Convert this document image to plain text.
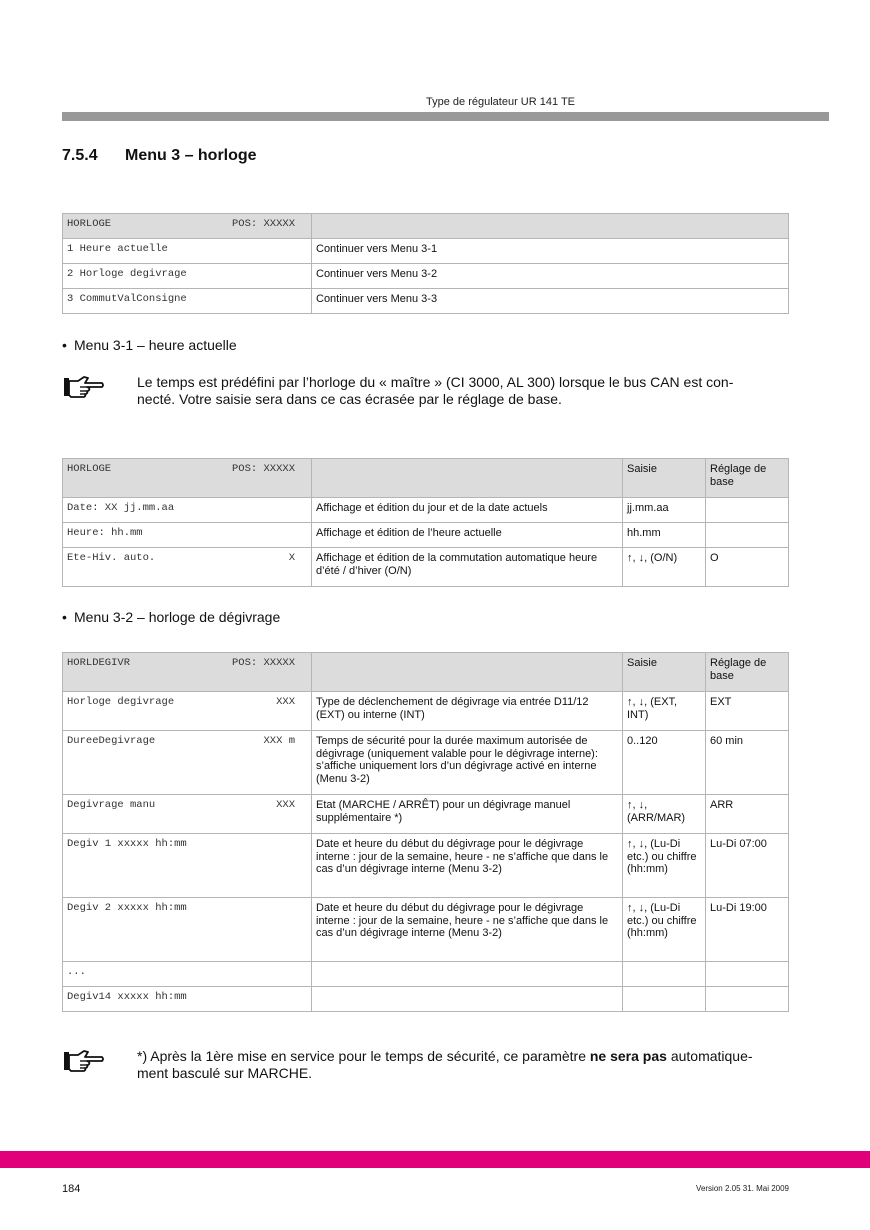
Type de régulateur UR 141 TE
7.5.4 Menu 3 – horloge
HORLOGE POS: XXXXX	

1 Heure actuelle	Continuer vers Menu 3-1
2 Horloge degivrage	Continuer vers Menu 3-2
3 CommutValConsigne	Continuer vers Menu 3-3
• Menu 3-1 – heure actuelle
Le temps est prédéfini par l’horloge du « maître » (CI 3000, AL 300) lorsque le bus CAN est con-
necté. Votre saisie sera dans ce cas écrasée par le réglage de base.
HORLOGE POS: XXXXX		Saisie	Réglage de base

Date: XX jj.mm.aa	Affichage et édition du jour et de la date actuels	jj.mm.aa	

Heure: hh.mm	Affichage et édition de l’heure actuelle	hh.mm	

Ete-Hiv. auto. X	Affichage et édition de la commutation automatique heure d’été / d’hiver (O/N)	↑, ↓, (O/N)	O
• Menu 3-2 – horloge de dégivrage
HORLDEGIVR POS: XXXXX		Saisie	Réglage de base

Horloge degivrage XXX	Type de déclenchement de dégivrage via entrée D11/12 (EXT) ou interne (INT)	↑, ↓, (EXT, INT)	EXT

DureeDegivrage XXX m	Temps de sécurité pour la durée maximum autorisée de dégivrage (uniquement valable pour le dégivrage interne): s’affiche uniquement lors d’un dégivrage activé en interne (Menu 3-2)	0..120	60 min

Degivrage manu XXX	Etat (MARCHE / ARRÊT) pour un dégivrage manuel supplémentaire *)	↑, ↓, (ARR/MAR)	ARR

Degiv 1 xxxxx hh:mm	Date et heure du début du dégivrage pour le dégivrage interne : jour de la semaine, heure - ne s’affiche que dans le cas d’un dégivrage interne (Menu 3-2)	↑, ↓, (Lu-Di etc.) ou chiffre (hh:mm)	Lu-Di 07:00

Degiv 2 xxxxx hh:mm	Date et heure du début du dégivrage pour le dégivrage interne : jour de la semaine, heure - ne s’affiche que dans le cas d’un dégivrage interne (Menu 3-2)	↑, ↓, (Lu-Di etc.) ou chiffre (hh:mm)	Lu-Di 19:00

...			

Degiv14 xxxxx hh:mm			

*) Après la 1ère mise en service pour le temps de sécurité, ce paramètre ne sera pas automatique-
ment basculé sur MARCHE.
184	Version 2.05 31. Mai 2009
